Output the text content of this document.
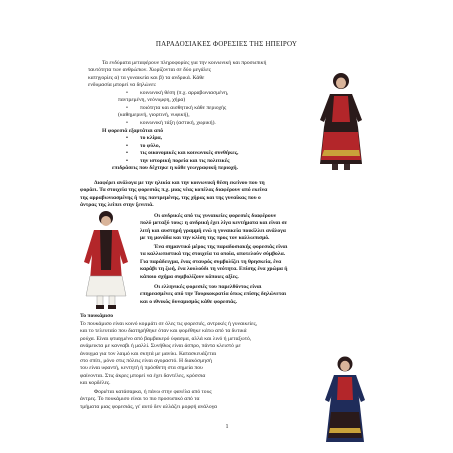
ΠΑΡΑΔΟΣΙΑΚΕΣ ΦΟΡΕΣΙΕΣ ΤΗΣ ΗΠΕΙΡΟΥ

Τα ενδύματα μεταφέρουν πληροφορίες για την κοινωνική και προσωπική

ταυτότητα των ανθρώπων. Χωρίζονται σε δύο μεγάλες

κατηγορίες α) τα γυναικεία και β) τα ανδρικά. Κάθε

ενδυμασία μπορεί να δηλώνει:

• κοινωνική θέση (π.χ. αρραβωνιασμένη,

παντρεμένη, νεόνυμφη, χήρα)

• ποιότητα και αισθητική κάθε περιοχής

(καθημερινή, γιορτινή, νυφική),

• κοινωνική τάξη (αστική, χωρική).

Η φορεσιά εξαρτάται από

• το κλίμα,

• το φύλο,

• τις οικονομικές και κοινωνικές συνθήκες,

• την ιστορική πορεία και τις πολιτικές

επιδράσεις που δέχτηκε η κάθε γεωγραφική περιοχή.

Διαφέρει ανάλογα με την ηλικία και την κοινωνική θέση εκείνου που τη

φοράει. Τα στοιχεία της φορεσιάς π.χ. μιας νέας κοπέλας διαφέρουν από εκείνα

της αρραβωνιασμένης ή της παντρεμένης, της χήρας και της γυναίκας που ο

άντρας της λείπει στην ξενιτιά.

Οι ανδρικές από τις γυναικείες φορεσιές διαφέρουν

πολύ μεταξύ τους: η ανδρική έχει λίγα κεντήματα και είναι σε

λιτή και αυστηρή γραμμή ενώ η γυναικεία ποικίλλει ανάλογα

με τη μονάδα και την κλίση της προς τον καλλωπισμό.

Ένα σημαντικό μέρος της παραδοσιακής φορεσιάς είναι

τα καλλωπιστικά της στοιχεία τα οποία, αποτελούν σύμβολα.

Για παράδειγμα, ένας σταυρός συμβολίζει τη θρησκεία, ένα

καράβι τη ζωή, ένα λουλούδι τη νεότητα. Επίσης ένα χρώμα ή

κάποιο σχήμα συμβολίζουν κάποιες αξίες.

Οι ελληνικές φορεσιές του παρελθόντος είναι

επηρεασμένες από την Τουρκοκρατία όπως επίσης δηλώνεται

και ο ιθνικός δυναμισμός κάθε φορεσιάς.

Το πουκάμισο

Το πουκάμισο είναι κοινό κομμάτι σε όλες τις φορεσιές, αντρικές ή γυναικείες,

και το τελευταίο που διατηρήθηκε όταν και φορέθηκε κάτω από τα δυτικά

ρούχα. Είναι φτιαγμένο από βαμβακερό ύφασμα, αλλά και λινό ή μεταξωτό,

ανάμεικτα με κανναβι ή μαλλί. Συνήθως είναι άσπρο, πάντα κλειστό με

άνοιγμα για τον λαιμό και σκητά με μανίκι. Κατασκευάζεται

στο σπίτι, μόνο στις πόλεις είναι αγοραστό. Η διακόσμησή

του είναι υφαντή, κεντητή ή πρόσθετη στα σημεία που

φαίνονται. Στις άκρες μπορεί να έχει δαντέλες, κρόσσια

και κορδέλες.

Φοριέται κατάσαρκα, ή πάνω στην φανέλα από τους

άντρες. Το πουκάμισο είναι το πιο προσωπικό από τα

τμήματα μιας φορεσιάς, γι' αυτό δεν αλλάζει μορφή ανάλογα

1
